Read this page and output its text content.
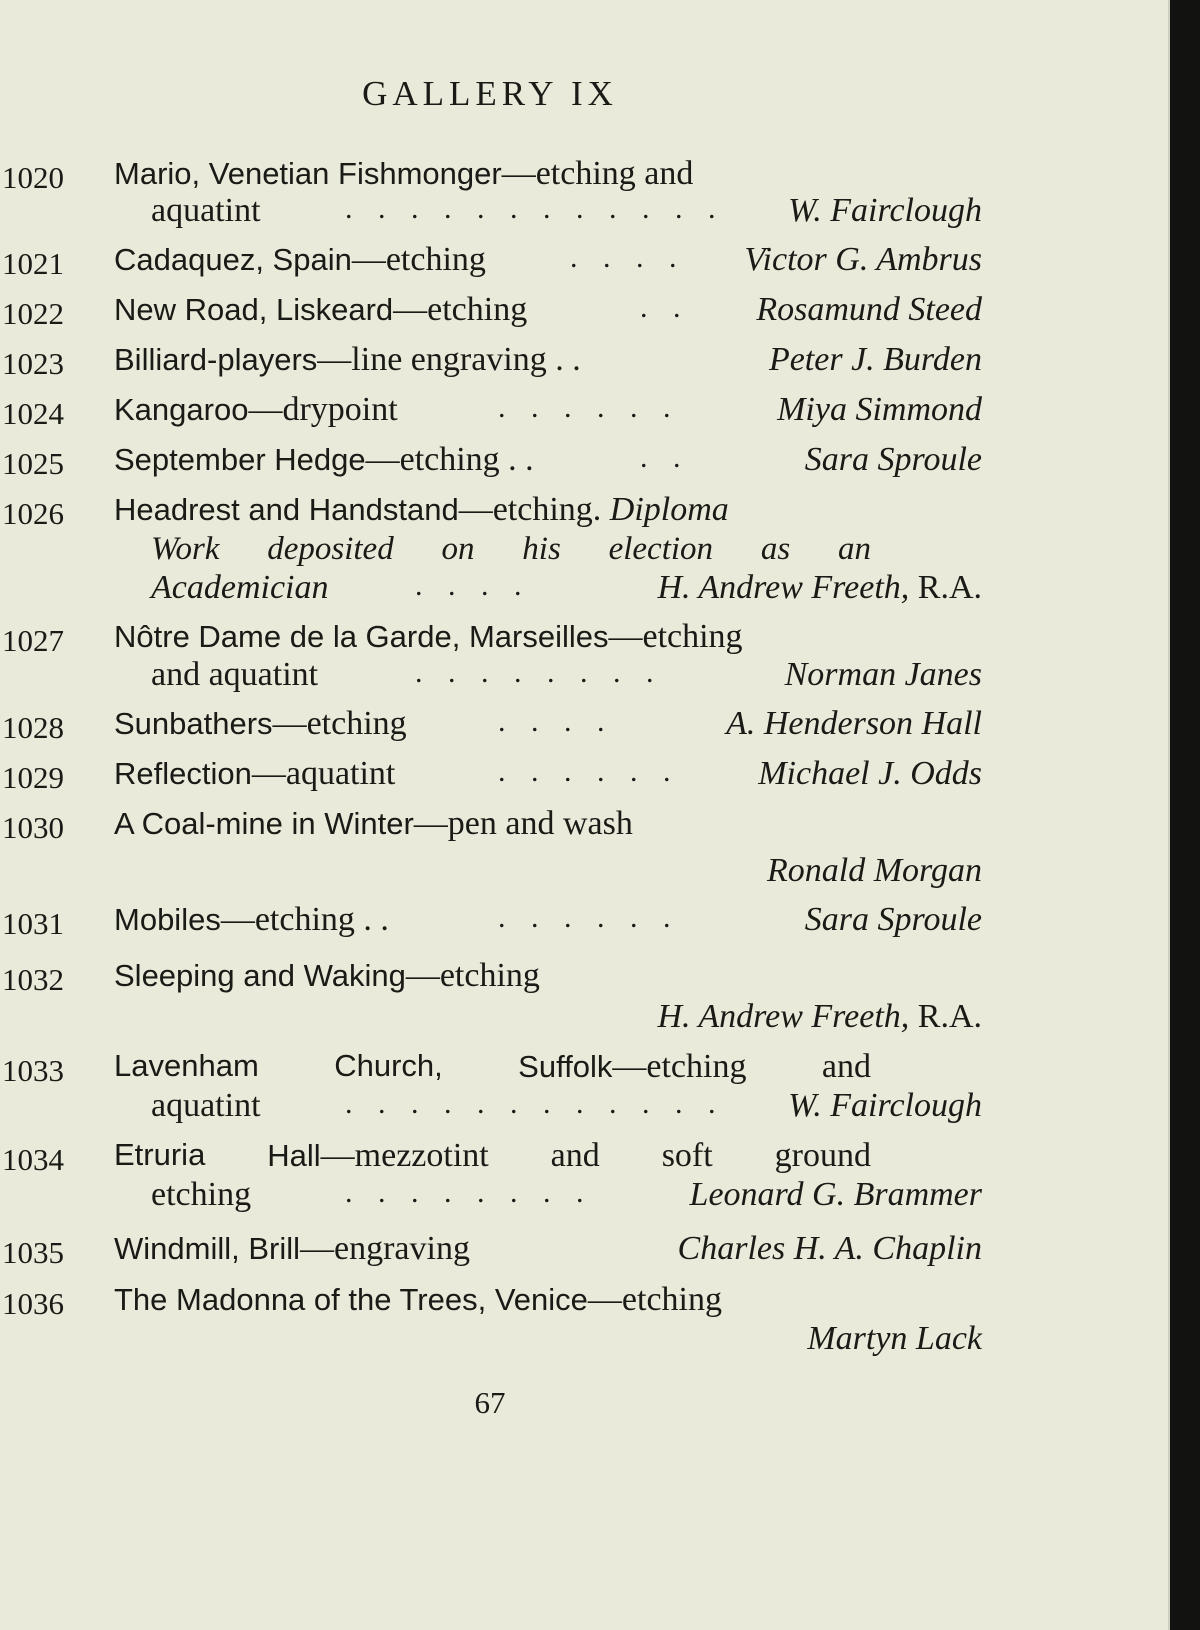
GALLERY IX
1020 Mario, Venetian Fishmonger—etching and
aquatint	. . . . . . . . . . . . W. Fairclough
1021 Cadaquez, Spain—etching	. . . . Victor G. Ambrus
1022 New Road, Liskeard—etching	. . Rosamund Steed
1023 Billiard-players—line engraving . .	Peter J. Burden
1024 Kangaroo—drypoint	. . . . . .	Miya Simmond
1025 September Hedge—etching . .	. .	Sara Sproule
1026 Headrest and Handstand—etching. Diploma
Work deposited on his election as an
Academician	. . . .	H. Andrew Freeth, R.A.
1027 Nôtre Dame de la Garde, Marseilles—etching
and aquatint	. . . . . . . .	Norman Janes
1028 Sunbathers—etching	. . . .	A. Henderson Hall
1029 Reflection—aquatint	. . . . . . Michael J. Odds
1030 A Coal-mine in Winter—pen and wash
Ronald Morgan
1031 Mobiles—etching . .	. . . . . .	Sara Sproule
1032 Sleeping and Waking—etching
H. Andrew Freeth, R.A.
1033 Lavenham Church, Suffolk—etching and
aquatint	. . . . . . . . . . . . W. Fairclough
1034 Etruria Hall—mezzotint and soft ground
etching	. . . . . . . .	Leonard G. Brammer
1035 Windmill, Brill—engraving	Charles H. A. Chaplin
1036 The Madonna of the Trees, Venice—etching
Martyn Lack
67
